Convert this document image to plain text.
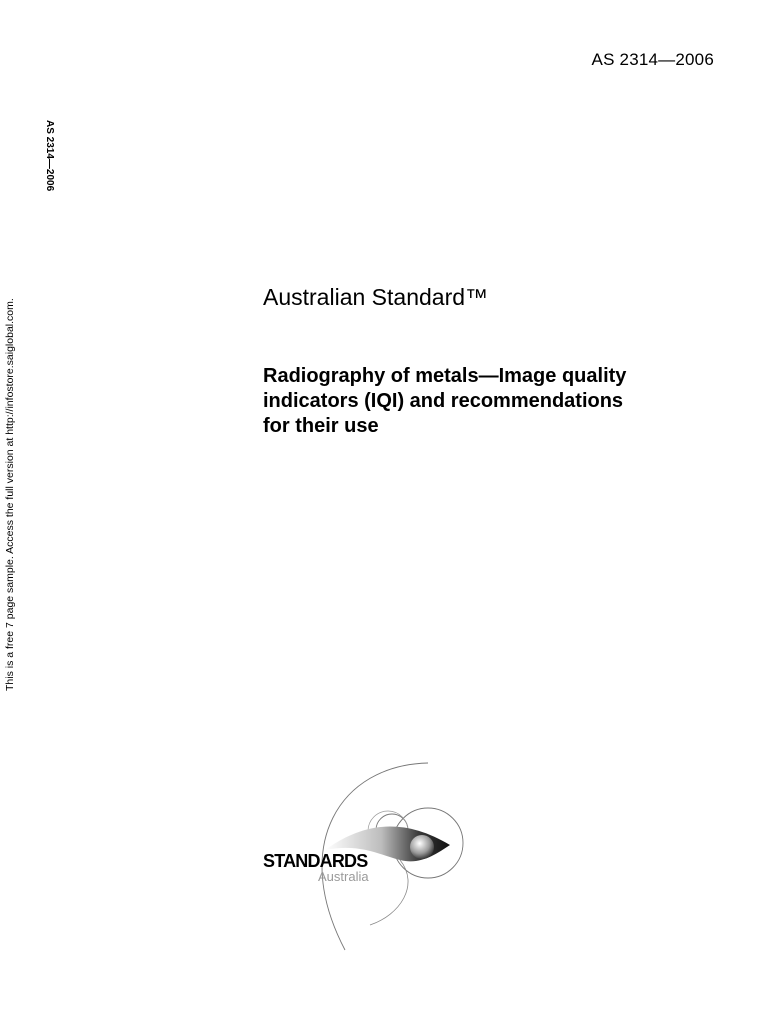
AS 2314—2006
AS 2314—2006
This is a free 7 page sample. Access the full version at http://infostore.saiglobal.com.
Australian Standard™
Radiography of metals—Image quality
indicators (IQI) and recommendations
for their use
STANDARDS
Australia
